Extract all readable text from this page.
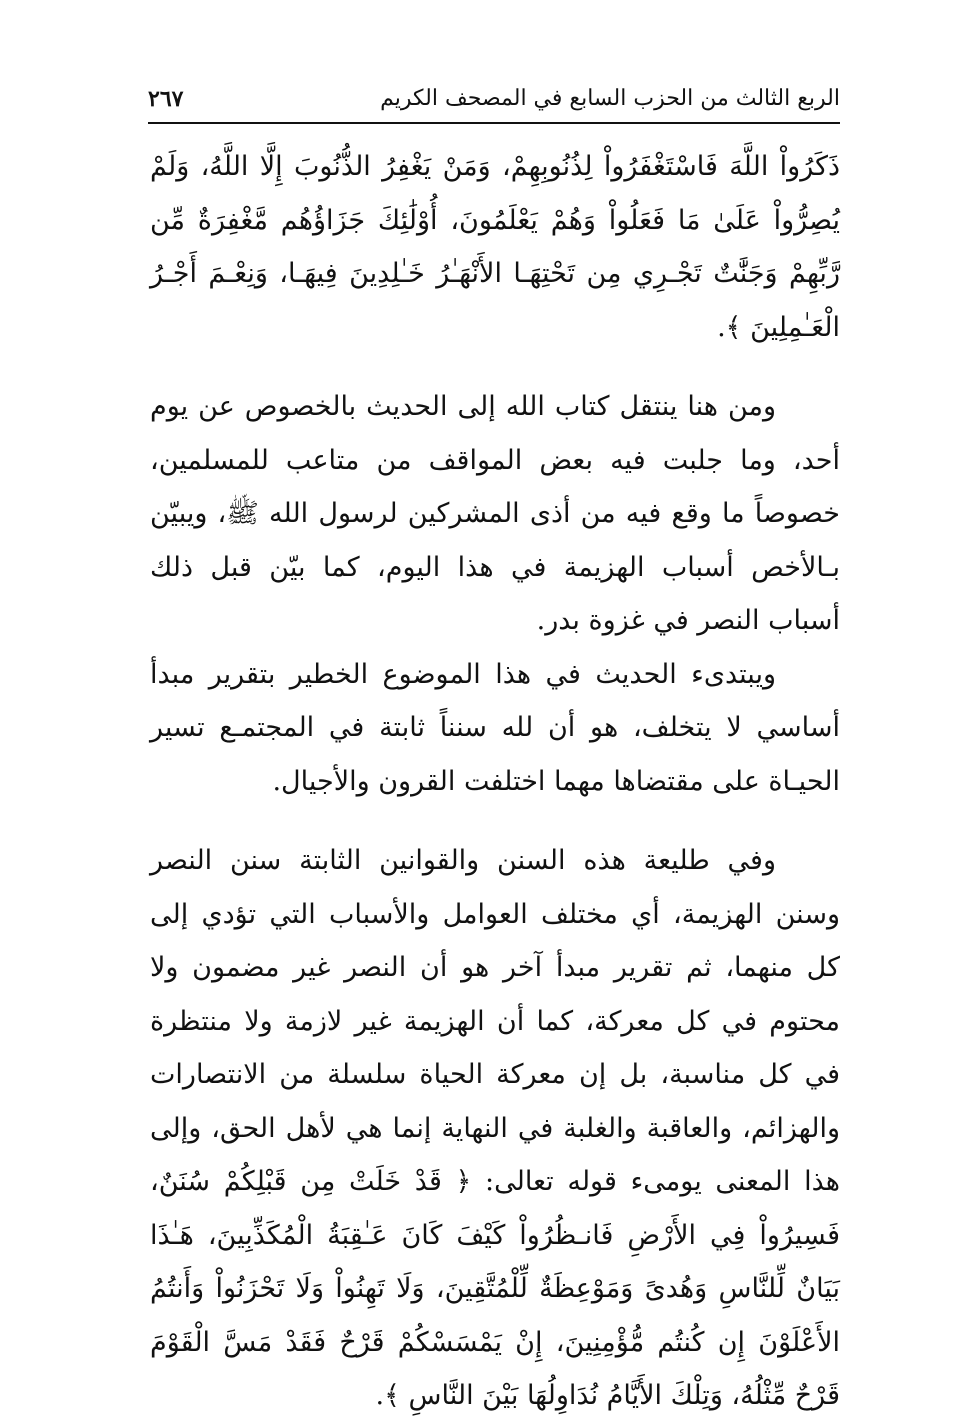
الربع الثالث من الحزب السابع في المصحف الكريم
٢٦٧

ذَكَرُواْ اللَّهَ فَاسْتَغْفَرُواْ لِذُنُوبِهِمْ، وَمَنْ يَغْفِرُ الذُّنُوبَ إِلَّا اللَّهُ، وَلَمْ يُصِرُّواْ عَلَىٰ مَا فَعَلُواْ وَهُمْ يَعْلَمُونَ، أُوْلَٰئِكَ جَزَاؤُهُم مَّغْفِرَةٌ مِّن رَّبِّهِمْ وَجَنَّٰتٌ تَجْـرِي مِن تَحْتِهَـا الأَنْهَـٰرُ خَـٰلِدِينَ فِيهَـا، وَنِعْـمَ أَجْـرُ الْعَـٰمِلِينَ ﴾.

ومن هنا ينتقل كتاب الله إلى الحديث بالخصوص عن يوم أحد، وما جلبت فيه بعض المواقف من متاعب للمسلمين، خصوصاً ما وقع فيه من أذى المشركين لرسول الله ﷺ، ويبيّن بـالأخص أسباب الهزيمة في هذا اليوم، كما بيّن قبل ذلك أسباب النصر في غزوة بدر.

ويبتدىء الحديث في هذا الموضوع الخطير بتقرير مبدأ أساسي لا يتخلف، هو أن لله سنناً ثابتة في المجتمـع تسير الحيـاة على مقتضاها مهما اختلفت القرون والأجيال.

وفي طليعة هذه السنن والقوانين الثابتة سنن النصر وسنن الهزيمة، أي مختلف العوامل والأسباب التي تؤدي إلى كل منهما، ثم تقرير مبدأ آخر هو أن النصر غير مضمون ولا محتوم في كل معركة، كما أن الهزيمة غير لازمة ولا منتظرة في كل مناسبة، بل إن معركة الحياة سلسلة من الانتصارات والهزائم، والعاقبة والغلبة في النهاية إنما هي لأهل الحق، وإلى هذا المعنى يومىء قوله تعالى: ﴿ قَدْ خَلَتْ مِن قَبْلِكُمْ سُنَنٌ، فَسِيرُواْ فِي الأَرْضِ فَانـظُرُواْ كَيْفَ كَانَ عَـٰقِبَةُ الْمُكَذِّبِينَ، هَـٰذَا بَيَانٌ لِّلنَّاسِ وَهُدىً وَمَوْعِظَةٌ لِّلْمُتَّقِينَ، وَلَا تَهِنُواْ وَلَا تَحْزَنُواْ وَأَنتُمُ الأَعْلَوْنَ إِن كُنتُم مُّؤْمِنِينَ، إِنْ يَمْسَسْكُمْ قَرْحٌ فَقَدْ مَسَّ الْقَوْمَ قَرْحٌ مِّثْلُهُ، وَتِلْكَ الأَيَّامُ نُدَاوِلُهَا بَيْنَ النَّاسِ ﴾.
